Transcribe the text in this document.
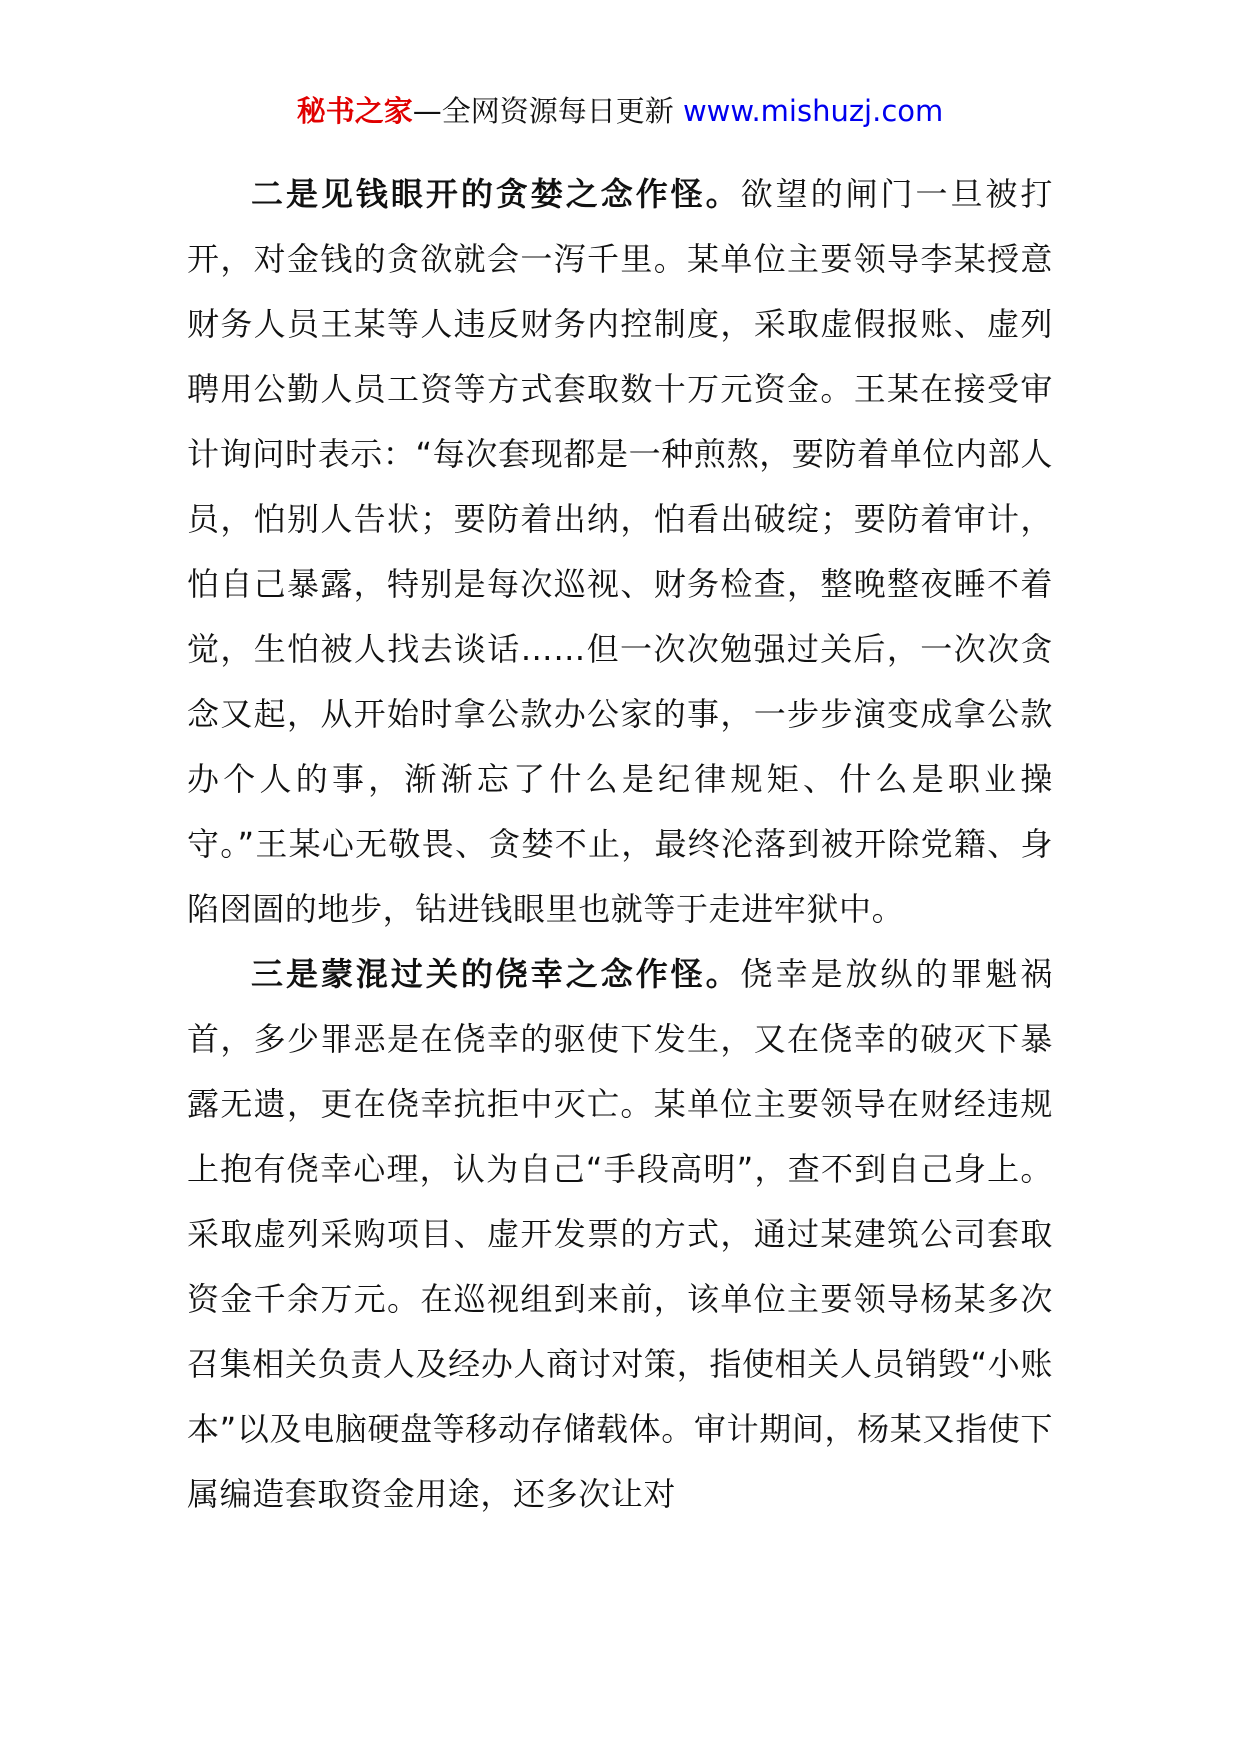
秘书之家—全网资源每日更新 www.mishuzj.com

二是见钱眼开的贪婪之念作怪。欲望的闸门一旦被打开，对金钱的贪欲就会一泻千里。某单位主要领导李某授意财务人员王某等人违反财务内控制度，采取虚假报账、虚列聘用公勤人员工资等方式套取数十万元资金。王某在接受审计询问时表示：“每次套现都是一种煎熬，要防着单位内部人员，怕别人告状；要防着出纳，怕看出破绽；要防着审计，怕自己暴露，特别是每次巡视、财务检查，整晚整夜睡不着觉，生怕被人找去谈话……但一次次勉强过关后，一次次贪念又起，从开始时拿公款办公家的事，一步步演变成拿公款办个人的事，渐渐忘了什么是纪律规矩、什么是职业操守。”王某心无敬畏、贪婪不止，最终沦落到被开除党籍、身陷囹圄的地步，钻进钱眼里也就等于走进牢狱中。

三是蒙混过关的侥幸之念作怪。侥幸是放纵的罪魁祸首，多少罪恶是在侥幸的驱使下发生，又在侥幸的破灭下暴露无遗，更在侥幸抗拒中灭亡。某单位主要领导在财经违规上抱有侥幸心理，认为自己“手段高明”，查不到自己身上。采取虚列采购项目、虚开发票的方式，通过某建筑公司套取资金千余万元。在巡视组到来前，该单位主要领导杨某多次召集相关负责人及经办人商讨对策，指使相关人员销毁“小账本”以及电脑硬盘等移动存储载体。审计期间，杨某又指使下属编造套取资金用途，还多次让对
